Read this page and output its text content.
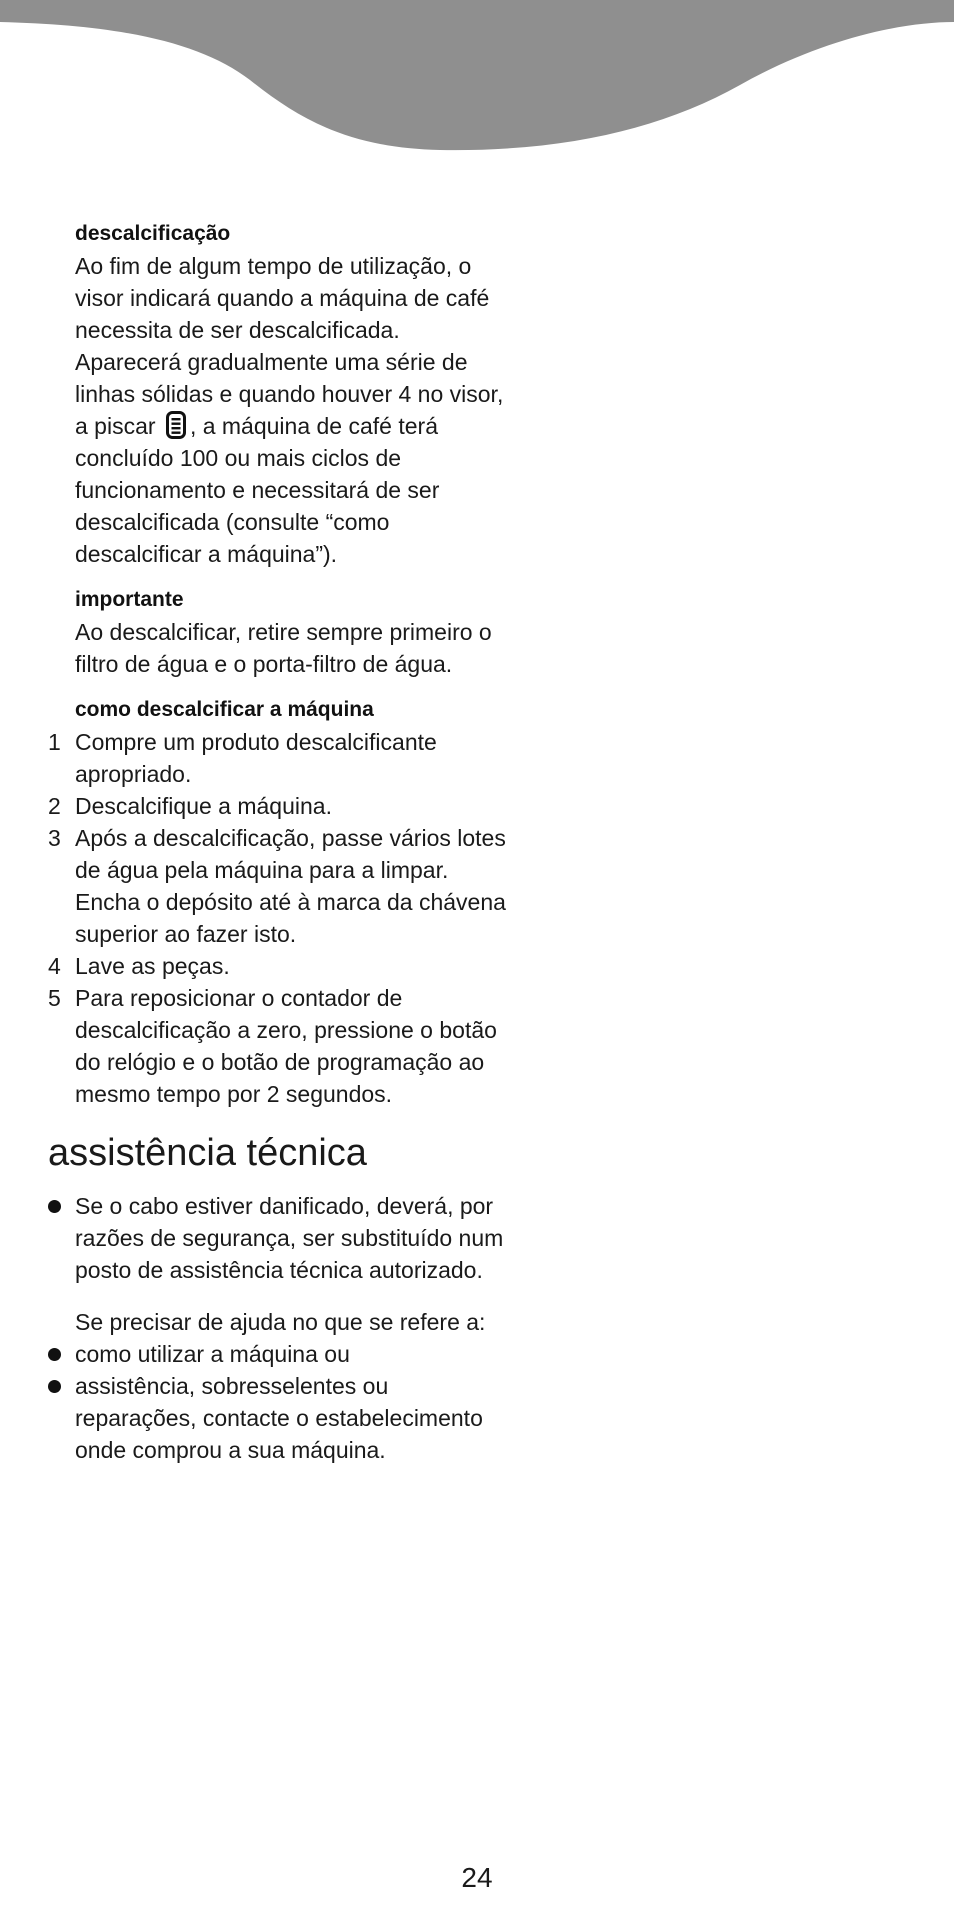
descalcificação
Ao fim de algum tempo de utilização, o visor indicará quando a máquina de café necessita de ser descalcificada. Aparecerá gradualmente uma série de linhas sólidas e quando houver 4 no visor, a piscar , a máquina de café terá concluído 100 ou mais ciclos de funcionamento e necessitará de ser descalcificada (consulte “como descalcificar a máquina”).
importante
Ao descalcificar, retire sempre primeiro o filtro de água e o porta-filtro de água.
como descalcificar a máquina
1 Compre um produto descalcificante apropriado.
2 Descalcifique a máquina.
3 Após a descalcificação, passe vários lotes de água pela máquina para a limpar. Encha o depósito até à marca da chávena superior ao fazer isto.
4 Lave as peças.
5 Para reposicionar o contador de descalcificação a zero, pressione o botão do relógio e o botão de programação ao mesmo tempo por 2 segundos.
assistência técnica
Se o cabo estiver danificado, deverá, por razões de segurança, ser substituído num posto de assistência técnica autorizado.
Se precisar de ajuda no que se refere a:
como utilizar a máquina ou
assistência, sobresselentes ou reparações, contacte o estabelecimento onde comprou a sua máquina.
24
